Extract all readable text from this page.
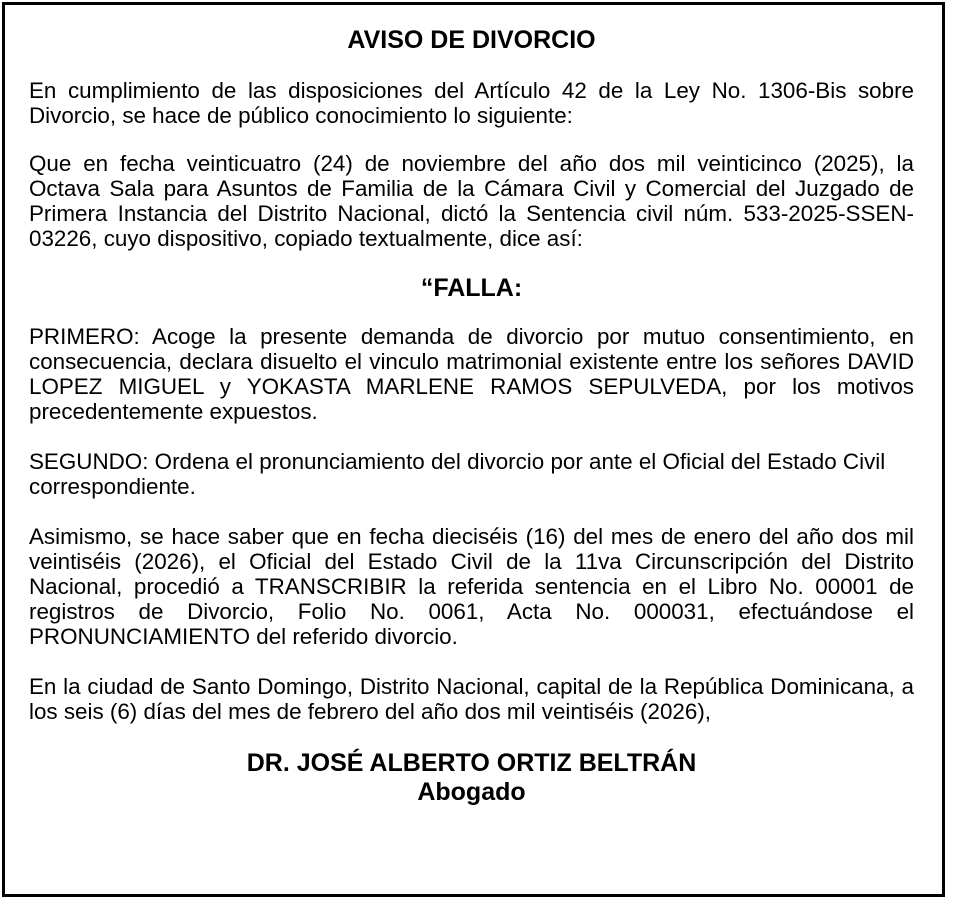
AVISO DE DIVORCIO

En cumplimiento de las disposiciones del Artículo 42 de la Ley No. 1306-Bis sobre Divorcio, se hace de público conocimiento lo siguiente:

Que en fecha veinticuatro (24) de noviembre del año dos mil veinticinco (2025), la Octava Sala para Asuntos de Familia de la Cámara Civil y Comercial del Juzgado de Primera Instancia del Distrito Nacional, dictó la Sentencia civil núm. 533-2025-SSEN-03226, cuyo dispositivo, copiado textualmente, dice así:

“FALLA:

PRIMERO: Acoge la presente demanda de divorcio por mutuo consentimiento, en consecuencia, declara disuelto el vinculo matrimonial existente entre los señores DAVID LOPEZ MIGUEL y YOKASTA MARLENE RAMOS SEPULVEDA, por los motivos precedentemente expuestos.

SEGUNDO: Ordena el pronunciamiento del divorcio por ante el Oficial del Estado Civil correspondiente.

Asimismo, se hace saber que en fecha dieciséis (16) del mes de enero del año dos mil veintiséis (2026), el Oficial del Estado Civil de la 11va Circunscripción del Distrito Nacional, procedió a TRANSCRIBIR la referida sentencia en el Libro No. 00001 de registros de Divorcio, Folio No. 0061, Acta No. 000031, efectuándose el PRONUNCIAMIENTO del referido divorcio.

En la ciudad de Santo Domingo, Distrito Nacional, capital de la República Dominicana, a los seis (6) días del mes de febrero del año dos mil veintiséis (2026),

DR. JOSÉ ALBERTO ORTIZ BELTRÁN
Abogado
